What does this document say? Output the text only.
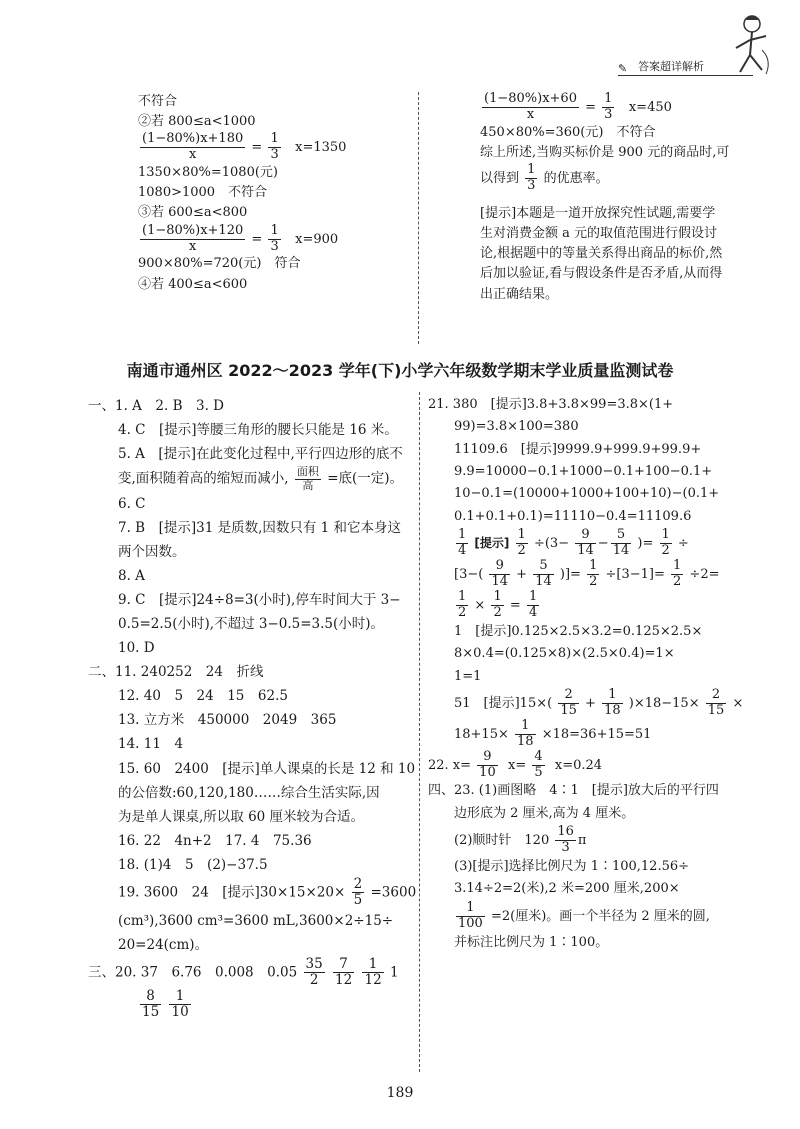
✎ 答案超详解析
不符合
②若 800≤a<1000
$\frac{(1-80\%)x+180}{x} = \frac{1}{3} x=1350$
1350×80%=1080(元)
1080>1000　不符合
③若 600≤a<800
$\frac{(1-80\%)x+120}{x} = \frac{1}{3} x=900$
900×80%=720(元)　符合
④若 400≤a<600
$\frac{(1-80\%)x+60}{x} = \frac{1}{3} x=450$
450×80%=360(元)　不符合
综上所述,当购买标价是 900 元的商品时,可
以得到 $\frac{1}{3}$ 的优惠率。
[提示]本题是一道开放探究性试题,需要学
生对消费金额 a 元的取值范围进行假设讨
论,根据题中的等量关系得出商品的标价,然
后加以验证,看与假设条件是否矛盾,从而得
出正确结果。
南通市通州区 2022～2023 学年(下)小学六年级数学期末学业质量监测试卷
一、1. A　2. B　3. D
4. C　[提示]等腰三角形的腰长只能是 16 米。
5. A　[提示]在此变化过程中,平行四边形的底不
变,面积随着高的缩短而减小, $\frac{\text{面积}}{\text{高}}$ =底(一定)。
6. C
7. B　[提示]31 是质数,因数只有 1 和它本身这
两个因数。
8. A
9. C　[提示]24÷8=3(小时),停车时间大于 3−
0.5=2.5(小时),不超过 3−0.5=3.5(小时)。
10. D
二、11. 240252　24　折线
12. 40　5　24　15　62.5
13. 立方米　450000　2049　365
14. 11　4
15. 60　2400　[提示]单人课桌的长是 12 和 10
的公倍数:60,120,180……综合生活实际,因
为是单人课桌,所以取 60 厘米较为合适。
16. 22　4n+2　17. 4　75.36
18. (1)4　5　(2)−37.5
19. 3600　24　[提示]$30\times 15\times 20\times \frac{2}{5} =3600$
(cm³),3600 cm³=3600 mL,3600×2÷15÷
20=24(cm)。
三、20. 37　6.76　0.008　$0.05 \frac{35}{2}$
$\frac{7}{12}$
$\frac{1}{12} 1$
$\frac{8}{15}$
$\frac{1}{10}$
21. 380　[提示]3.8+3.8×99=3.8×(1+
99)=3.8×100=380
11109.6　[提示]9999.9+999.9+99.9+
9.9=10000−0.1+1000−0.1+100−0.1+
10−0.1=(10000+1000+100+10)−(0.1+
0.1+0.1+0.1)=11110−0.4=11109.6
$\frac{1}{4}$ [提示] $\frac{1}{2} \div(3- \frac{9}{14} - \frac{5}{14}$ )= $\frac{1}{2}$ ÷
[$3-( \frac{9}{14} + \frac{5}{14}$ )]= $\frac{1}{2} \div[3-1]= \frac{1}{2} \div 2=$
$\frac{1}{2} \times \frac{1}{2} = \frac{1}{4}$
1　[提示]0.125×2.5×3.2=0.125×2.5×
8×0.4=(0.125×8)×(2.5×0.4)=1×
1=1
51　[提示]$15\times( \frac{2}{15} + \frac{1}{18} )\times 18-15\times \frac{2}{15}$ ×
$18+15\times \frac{1}{18} \times 18=36+15=51$
22. $x= \frac{9}{10} x= \frac{4}{5} x=0.24$
四、23. (1)画图略　4∶1　[提示]放大后的平行四
边形底为 2 厘米,高为 4 厘米。
(2)顺时针　$120 \frac{16}{3}$ π
(3)[提示]选择比例尺为 1∶100,12.56÷
3.14÷2=2(米),2 米=200 厘米,200×
$\frac{1}{100} =2$(厘米)。画一个半径为 2 厘米的圆,
并标注比例尺为 1∶100。
189
